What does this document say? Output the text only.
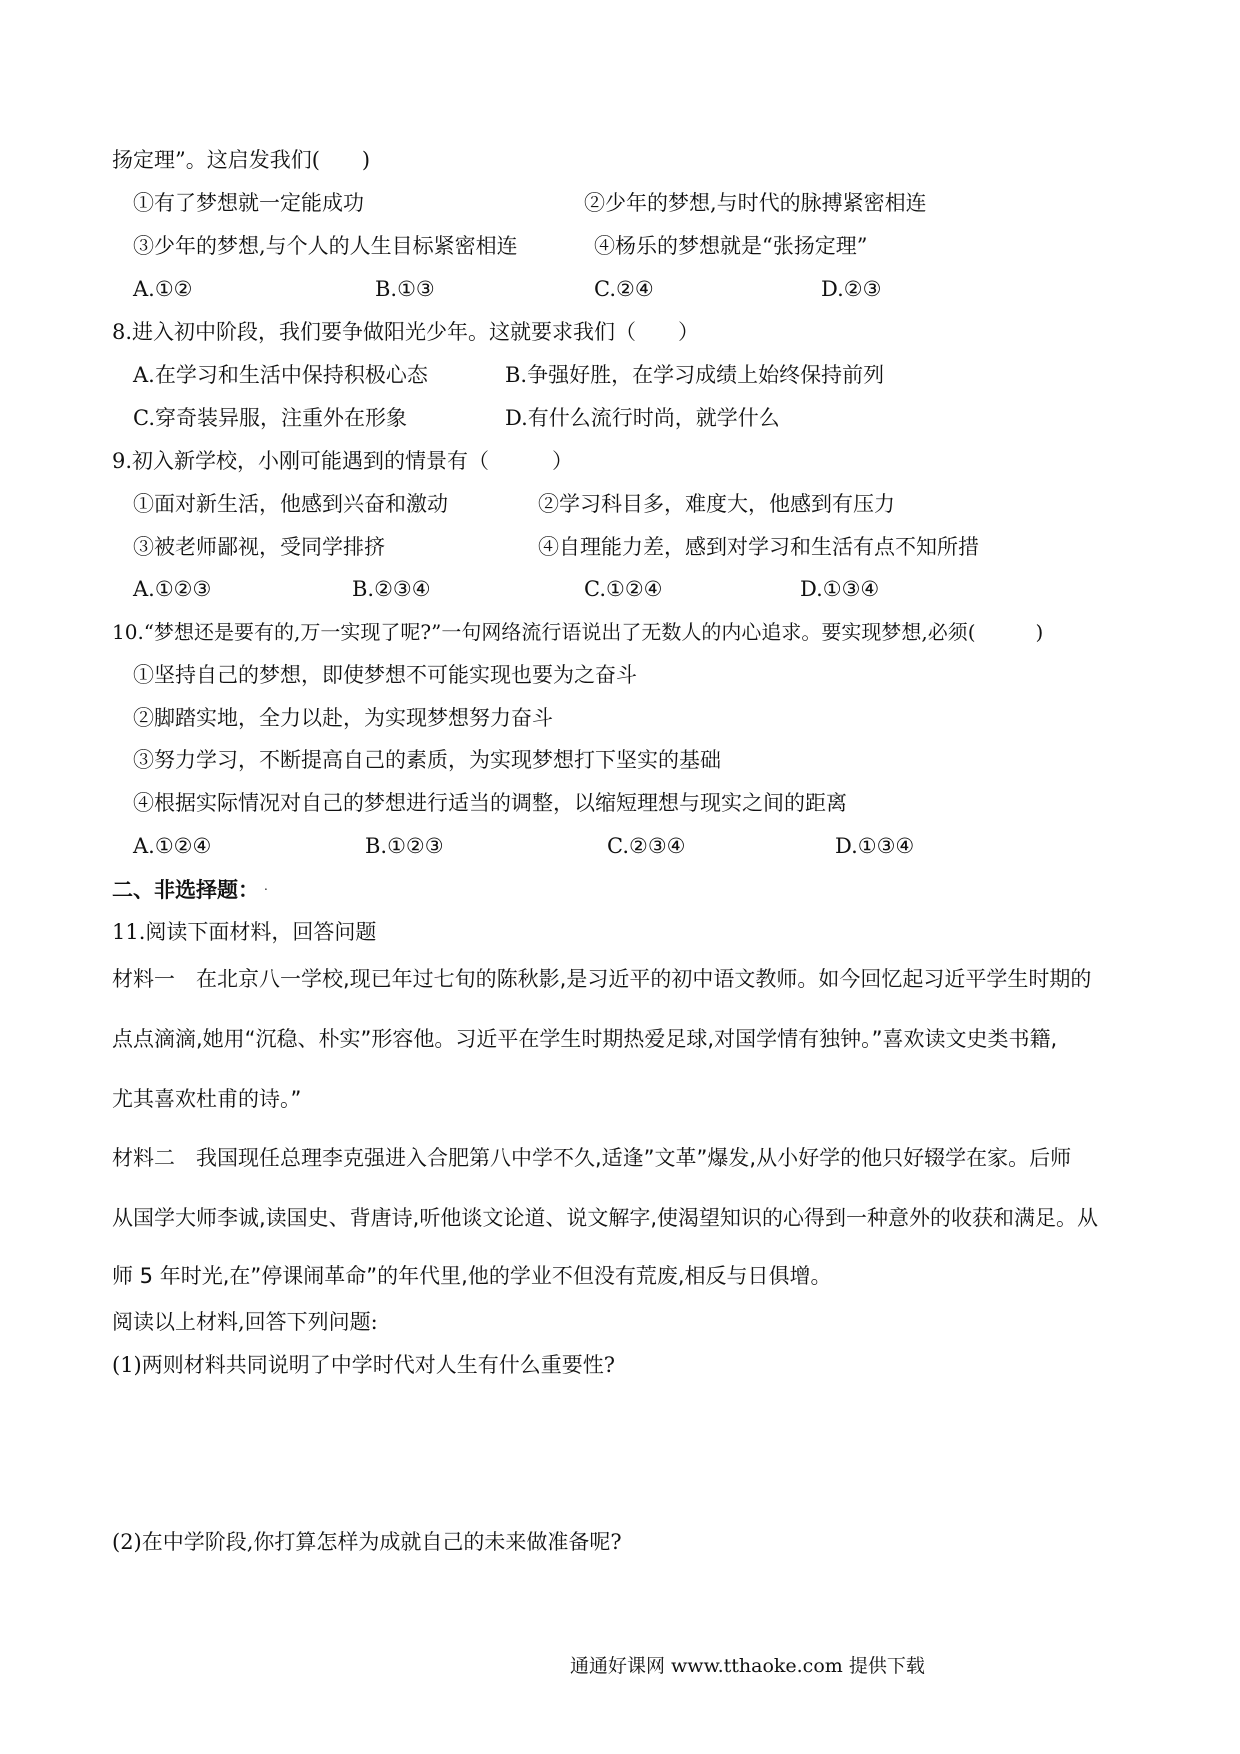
扬定理”。这启发我们(　　)
①有了梦想就一定能成功	②少年的梦想,与时代的脉搏紧密相连
③少年的梦想,与个人的人生目标紧密相连	④杨乐的梦想就是“张扬定理”
A.①②	B.①③	C.②④	D.②③
8.进入初中阶段，我们要争做阳光少年。这就要求我们（　　）
A.在学习和生活中保持积极心态	B.争强好胜，在学习成绩上始终保持前列
C.穿奇装异服，注重外在形象	D.有什么流行时尚，就学什么
9.初入新学校，小刚可能遇到的情景有（　　　）
①面对新生活，他感到兴奋和激动	②学习科目多，难度大，他感到有压力
③被老师鄙视，受同学排挤	④自理能力差，感到对学习和生活有点不知所措
A.①②③	B.②③④	C.①②④	D.①③④
10.“梦想还是要有的,万一实现了呢?”一句网络流行语说出了无数人的内心追求。要实现梦想,必须(　　　)
①坚持自己的梦想，即使梦想不可能实现也要为之奋斗
②脚踏实地，全力以赴，为实现梦想努力奋斗
③努力学习，不断提高自己的素质，为实现梦想打下坚实的基础
④根据实际情况对自己的梦想进行适当的调整，以缩短理想与现实之间的距离
A.①②④	B.①②③	C.②③④	D.①③④
二、非选择题： .
11.阅读下面材料，回答问题
材料一　在北京八一学校,现已年过七旬的陈秋影,是习近平的初中语文教师。如今回忆起习近平学生时期的
点点滴滴,她用“沉稳、朴实”形容他。习近平在学生时期热爱足球,对国学情有独钟。”喜欢读文史类书籍,
尤其喜欢杜甫的诗。”
材料二　我国现任总理李克强进入合肥第八中学不久,适逢”文革”爆发,从小好学的他只好辍学在家。后师
从国学大师李诚,读国史、背唐诗,听他谈文论道、说文解字,使渴望知识的心得到一种意外的收获和满足。从
师 5 年时光,在”停课闹革命”的年代里,他的学业不但没有荒废,相反与日俱增。
阅读以上材料,回答下列问题:
(1)两则材料共同说明了中学时代对人生有什么重要性?
(2)在中学阶段,你打算怎样为成就自己的未来做准备呢?
通通好课网 www.tthaoke.com 提供下载
